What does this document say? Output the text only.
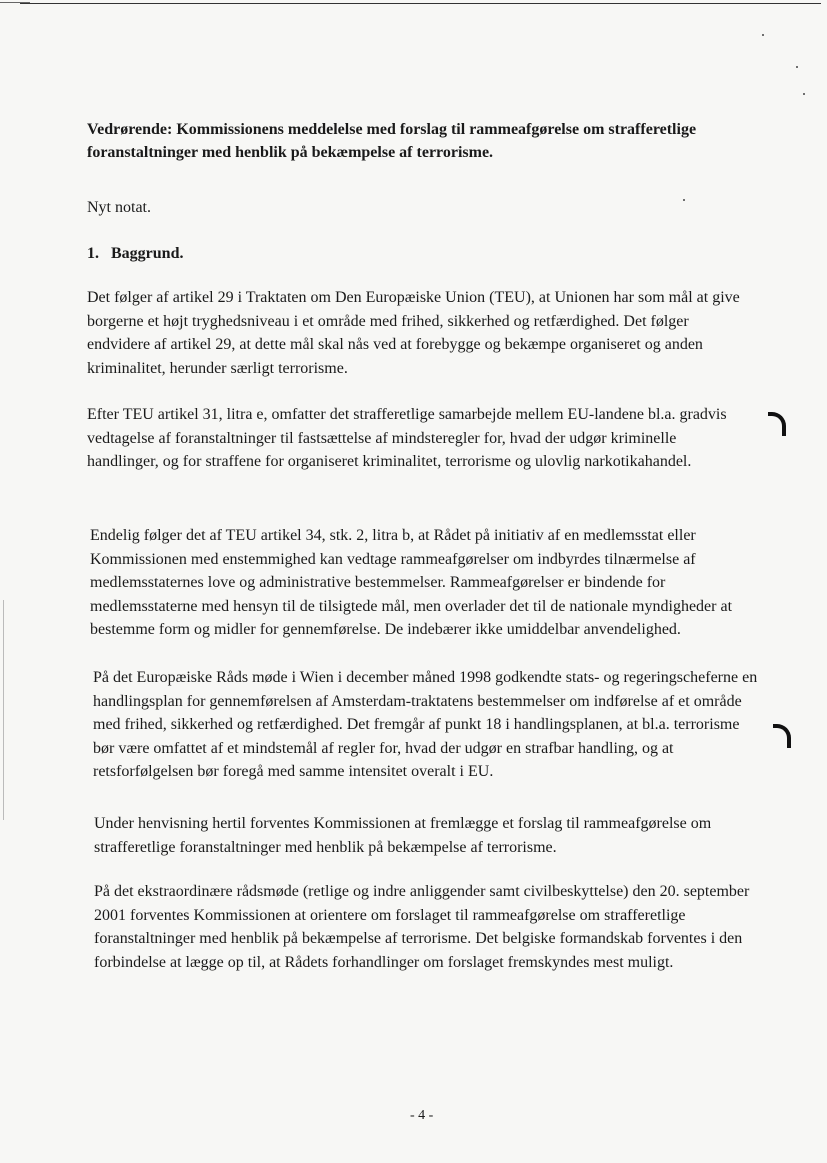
Vedrørende: Kommissionens meddelelse med forslag til rammeafgørelse om strafferetlige foranstaltninger med henblik på bekæmpelse af terrorisme.

Nyt notat.

1. Baggrund.

Det følger af artikel 29 i Traktaten om Den Europæiske Union (TEU), at Unionen har som mål at give borgerne et højt tryghedsniveau i et område med frihed, sikkerhed og retfærdighed. Det følger endvidere af artikel 29, at dette mål skal nås ved at forebygge og bekæmpe organiseret og anden kriminalitet, herunder særligt terrorisme.

Efter TEU artikel 31, litra e, omfatter det strafferetlige samarbejde mellem EU-landene bl.a. gradvis vedtagelse af foranstaltninger til fastsættelse af mindsteregler for, hvad der udgør kriminelle handlinger, og for straffene for organiseret kriminalitet, terrorisme og ulovlig narkotikahandel.

Endelig følger det af TEU artikel 34, stk. 2, litra b, at Rådet på initiativ af en medlemsstat eller Kommissionen med enstemmighed kan vedtage rammeafgørelser om indbyrdes tilnærmelse af medlemsstaternes love og administrative bestemmelser. Rammeafgørelser er bindende for medlemsstaterne med hensyn til de tilsigtede mål, men overlader det til de nationale myndigheder at bestemme form og midler for gennemførelse. De indebærer ikke umiddelbar anvendelighed.

På det Europæiske Råds møde i Wien i december måned 1998 godkendte stats- og regeringscheferne en handlingsplan for gennemførelsen af Amsterdam-traktatens bestemmelser om indførelse af et område med frihed, sikkerhed og retfærdighed. Det fremgår af punkt 18 i handlingsplanen, at bl.a. terrorisme bør være omfattet af et mindstemål af regler for, hvad der udgør en strafbar handling, og at retsforfølgelsen bør foregå med samme intensitet overalt i EU.

Under henvisning hertil forventes Kommissionen at fremlægge et forslag til rammeafgørelse om strafferetlige foranstaltninger med henblik på bekæmpelse af terrorisme.

På det ekstraordinære rådsmøde (retlige og indre anliggender samt civilbeskyttelse) den 20. september 2001 forventes Kommissionen at orientere om forslaget til rammeafgørelse om strafferetlige foranstaltninger med henblik på bekæmpelse af terrorisme. Det belgiske formandskab forventes i den forbindelse at lægge op til, at Rådets forhandlinger om forslaget fremskyndes mest muligt.

- 4 -
